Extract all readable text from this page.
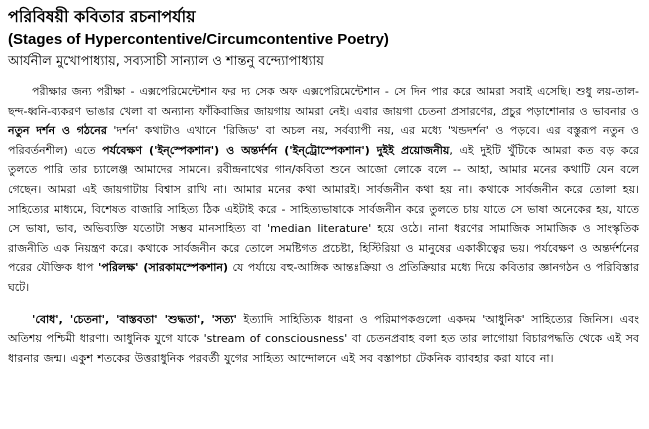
পরিবিষয়ী কবিতার রচনাপর্যায়
(Stages of Hypercontentive/Circumcontentive Poetry)
আর্যনীল মুখোপাধ্যায়, সব্যসাচী সান্যাল ও শান্তনু বন্দ্যোপাধ্যায়

পরীক্ষার জন্য পরীক্ষা - এক্সপেরিমেন্টেশান ফর দ্য সেক অফ এক্সপেরিমেন্টেশান - সে দিন পার করে আমরা সবাই এসেছি। শুধু লয়-তাল-ছন্দ-ধ্বনি-ব্যকরণ ভাঙার খেলা বা অন্যান্য ফাঁকিবাজির জায়গায় আমরা নেই। এবার জায়গা চেতনা প্রসারণের, প্রচুর পড়াশোনার ও ভাবনার ও নতুন দর্শন ও গঠনের 'দর্শন' কথাটাও এখানে 'রিজিড' বা অচল নয়, সর্বব্যাপী নয়, এর মধ্যে 'খন্ডদর্শন' ও পড়বে। এর বস্তুরূপ নতুন ও পরিবর্তনশীল) এতে পর্যবেক্ষণ ('ইন্‌স্পেকশান') ও অন্তর্দর্শন ('ইন্‌ট্রোস্পেকশান') দুইই প্রয়োজনীয়, এই দুইটি খুঁটিকে আমরা কত বড় করে তুলতে পারি তার চ্যালেঞ্জ আমাদের সামনে। রবীন্দ্রনাথের গান/কবিতা শুনে আজো লোকে বলে -- আহা, আমার মনের কথাটি যেন বলে গেছেন। আমরা এই জায়গাটায় বিশ্বাস রাখি না। আমার মনের কথা আমারই। সার্বজনীন কথা হয় না। কথাকে সার্বজনীন করে তোলা হয়। সাহিত্যের মাধ্যমে, বিশেষত বাজারি সাহিত্য ঠিক এইটাই করে - সাহিত্যভাষাকে সার্বজনীন করে তুলতে চায় যাতে সে ভাষা অনেকের হয়, যাতে সে ভাষা, ভাব, অভিব্যক্তি যতোটা সম্ভব মানসাহিত্য বা 'median literature' হয়ে ওঠে। নানা ধরণের সামাজিক সামাজিক ও সাংস্কৃতিক রাজনীতি এক নিয়ন্ত্রণ করে। কথাকে সার্বজনীন করে তোলে সমষ্টিগত প্রচেষ্টা, হিস্টিরিয়া ও মানুষের একাকীত্বের ভয়। পর্যবেক্ষণ ও অন্তর্দর্শনের পরের যৌক্তিক ধাপ 'পরিলক্ষ' (সারকামস্পেকশান) যে পর্যায়ে বহু-আঙ্গিক আন্তঃক্রিয়া ও প্রতিক্রিয়ার মধ্যে দিয়ে কবিতার জ্ঞানগঠন ও পরিবিস্তার ঘটে।

'বোধ', 'চেতনা', 'বাস্তবতা' 'শুদ্ধতা', 'সত্য' ইত্যাদি সাহিত্যিক ধারনা ও পরিমাপকগুলো একদম 'আধুনিক' সাহিত্যের জিনিস। এবং অতিশয় পশ্চিমী ধারণা। আধুনিক যুগে যাকে 'stream of consciousness' বা চেতনপ্রবাহ বলা হত তার লাগোয়া বিচারপদ্ধতি থেকে এই সব ধারনার জন্ম। একুশ শতকের উত্তরাধুনিক পরবর্তী যুগের সাহিত্য আন্দোলনে এই সব বস্তাপচা টেকনিক ব্যাবহার করা যাবে না।
